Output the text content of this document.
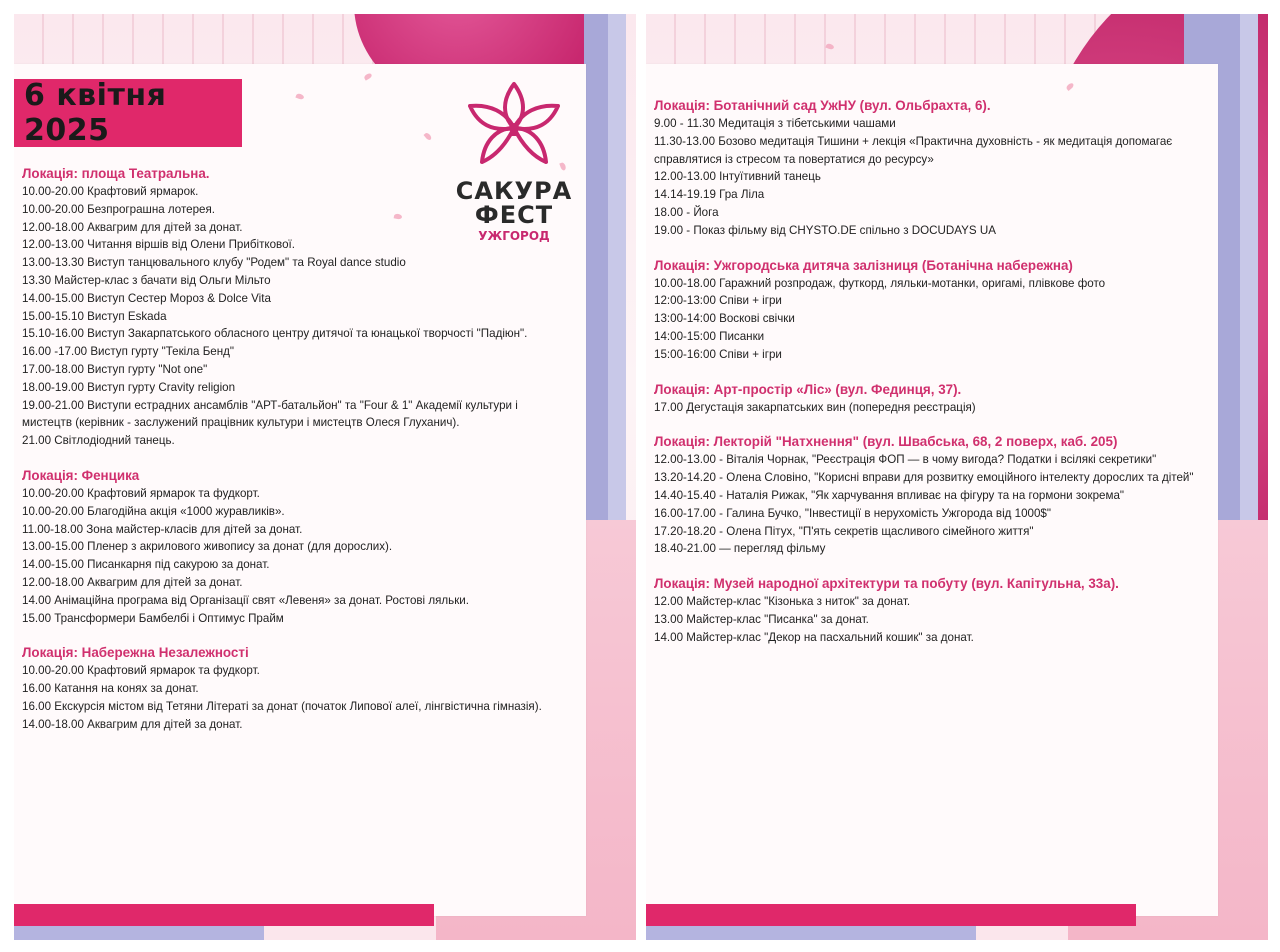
6 квітня 2025
САКУРА ФЕСТ
УЖГОРОД

Локація: площа Театральна.

10.00-20.00 Крафтовий ярмарок.

10.00-20.00 Безпрограшна лотерея.

12.00-18.00 Аквагрим для дітей за донат.

12.00-13.00 Читання віршів від Олени Прибіткової.

13.00-13.30 Виступ танцювального клубу "Родем" та Royal dance studio

13.30 Майстер-клас з бачати від Ольги Мільто

14.00-15.00 Виступ Сестер Мороз & Dolce Vita

15.00-15.10 Виступ Eskada

15.10-16.00 Виступ Закарпатського обласного центру дитячої та юнацької творчості "Падіюн".

16.00 -17.00 Виступ гурту "Текіла Бенд"

17.00-18.00 Виступ гурту "Not one"

18.00-19.00 Виступ гурту Cravity religion

19.00-21.00 Виступи естрадних ансамблів "АРТ-батальйон" та "Four & 1" Академії культури і мистецтв (керівник - заслужений працівник культури і мистецтв Олеся Глуханич).

21.00 Світлодіодний танець.

Локація: Фенцика

10.00-20.00 Крафтовий ярмарок та фудкорт.

10.00-20.00 Благодійна акція «1000 журавликів».

11.00-18.00 Зона майстер-класів для дітей за донат.

13.00-15.00 Пленер з акрилового живопису за донат (для дорослих).

14.00-15.00 Писанкарня під сакурою за донат.

12.00-18.00 Аквагрим для дітей за донат.

14.00 Анімаційна програма від Організації свят «Левеня» за донат. Ростові ляльки.

15.00 Трансформери Бамбелбі і Оптимус Прайм

Локація: Набережна Незалежності

10.00-20.00 Крафтовий ярмарок та фудкорт.

16.00 Катання на конях за донат.

16.00 Екскурсія містом від Тетяни Літераті за донат (початок Липової алеї, лінгвістична гімназія).

14.00-18.00 Аквагрим для дітей за донат.

Локація: Ботанічний сад УжНУ (вул. Ольбрахта, 6).

9.00 - 11.30 Медитація з тібетськими чашами

11.30-13.00 Бозово медитація Тишини + лекція «Практична духовність - як медитація допомагає справлятися із стресом та повертатися до ресурсу»

12.00-13.00 Інтуїтивний танець

14.14-19.19 Гра Ліла

18.00 - Йога

19.00 - Показ фільму від CHYSTO.DE спільно з DOCUDAYS UA

Локація: Ужгородська дитяча залізниця (Ботанічна набережна)

10.00-18.00 Гаражний розпродаж, футкорд, ляльки-мотанки, оригамі, плівкове фото

12:00-13:00 Співи + ігри

13:00-14:00 Воскові свічки

14:00-15:00 Писанки

15:00-16:00 Співи + ігри

Локація: Арт-простір «Ліс» (вул. Фединця, 37).

17.00 Дегустація закарпатських вин (попередня реєстрація)

Локація: Лекторій "Натхнення" (вул. Швабська, 68, 2 поверх, каб. 205)

12.00-13.00 - Віталія Чорнак, "Реєстрація ФОП — в чому вигода? Податки і всілякі секретики"

13.20-14.20 - Олена Словіно, "Корисні вправи для розвитку емоційного інтелекту дорослих та дітей"

14.40-15.40 - Наталія Рижак, "Як харчування впливає на фігуру та на гормони зокрема"

16.00-17.00 - Галина Бучко, "Інвестиції в нерухомість Ужгорода від 1000$"

17.20-18.20 - Олена Пітух, "П'ять секретів щасливого сімейного життя"

18.40-21.00 — перегляд фільму

Локація: Музей народної архітектури та побуту (вул. Капітульна, 33а).

12.00 Майстер-клас "Кізонька з ниток" за донат.

13.00 Майстер-клас "Писанка" за донат.

14.00 Майстер-клас "Декор на пасхальний кошик" за донат.
